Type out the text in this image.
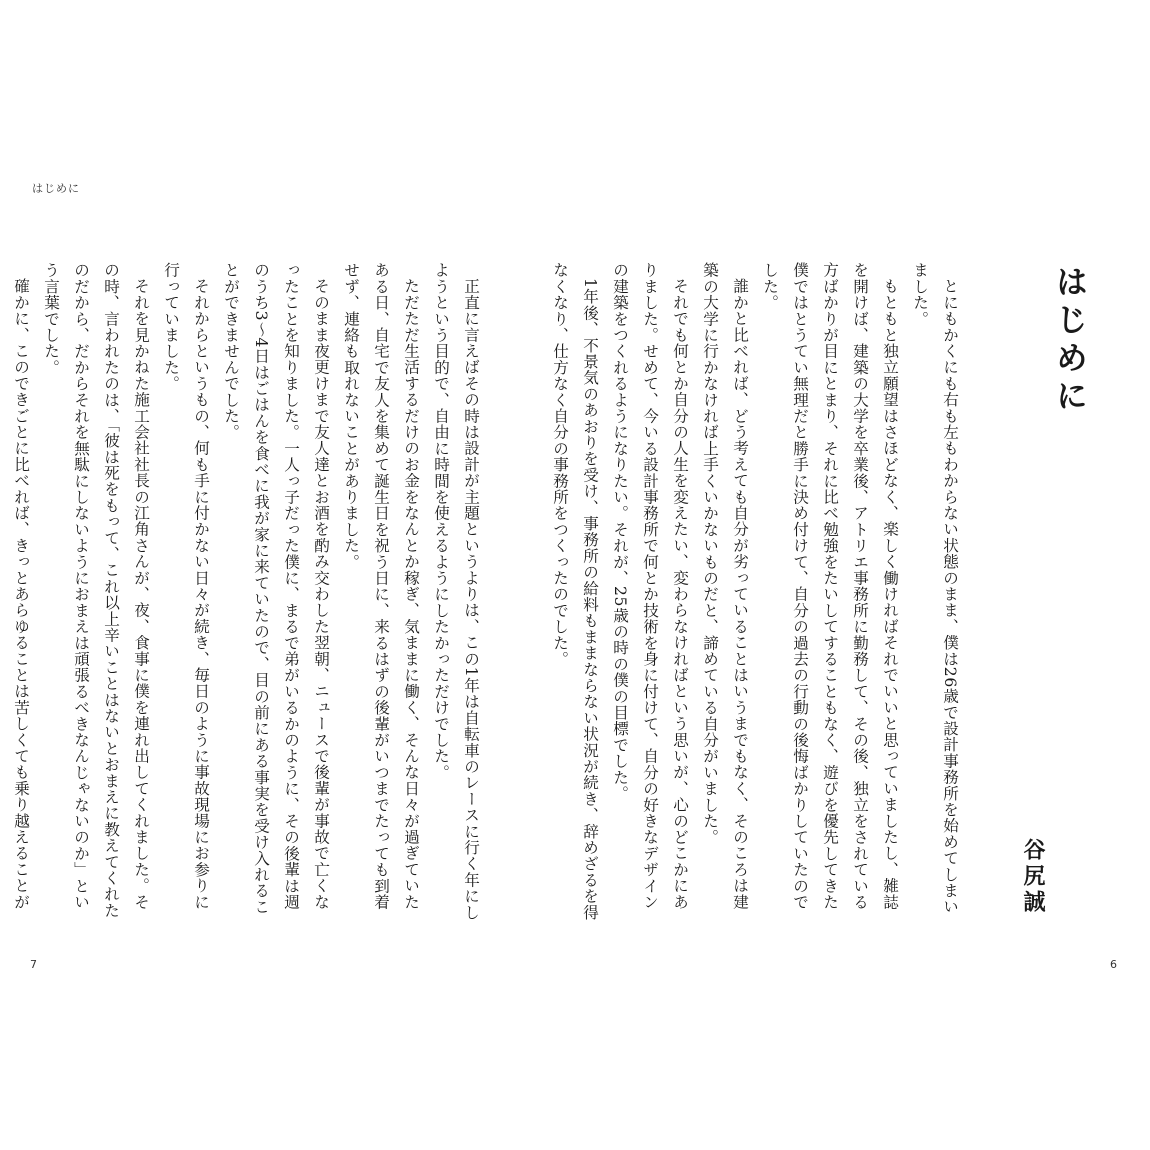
はじめに

正直に言えばその時は設計が主題というよりは、この1年は自転車のレースに行く年にしようという目的で、自由に時間を使えるようにしたかっただけでした。

ただただ生活するだけのお金をなんとか稼ぎ、気ままに働く、そんな日々が過ぎていたある日、自宅で友人を集めて誕生日を祝う日に、来るはずの後輩がいつまでたっても到着せず、連絡も取れないことがありました。

そのまま夜更けまで友人達とお酒を酌み交わした翌朝、ニュースで後輩が事故で亡くなったことを知りました。一人っ子だった僕に、まるで弟がいるかのように、その後輩は週のうち3〜4日はごはんを食べに我が家に来ていたので、目の前にある事実を受け入れることができませんでした。

それからというもの、何も手に付かない日々が続き、毎日のように事故現場にお参りに行っていました。

それを見かねた施工会社社長の江角さんが、夜、食事に僕を連れ出してくれました。その時、言われたのは、「彼は死をもって、これ以上辛いことはないとおまえに教えてくれたのだから、だからそれを無駄にしないようにおまえは頑張るべきなんじゃないのか」という言葉でした。

確かに、このできごとに比べれば、きっとあらゆることは苦しくても乗り越えることが	とにもかくにも右も左もわからない状態のまま、僕は26歳で設計事務所を始めてしまいました。

もともと独立願望はさほどなく、楽しく働ければそれでいいと思っていましたし、雑誌を開けば、建築の大学を卒業後、アトリエ事務所に勤務して、その後、独立をされている方ばかりが目にとまり、それに比べ勉強をたいしてすることもなく、遊びを優先してきた僕ではとうてい無理だと勝手に決め付けて、自分の過去の行動の後悔ばかりしていたのでした。

誰かと比べれば、どう考えても自分が劣っていることはいうまでもなく、そのころは建築の大学に行かなければ上手くいかないものだと、諦めている自分がいました。

それでも何とか自分の人生を変えたい、変わらなければという思いが、心のどこかにありました。せめて、今いる設計事務所で何とか技術を身に付けて、自分の好きなデザインの建築をつくれるようになりたい。それが、25歳の時の僕の目標でした。

1年後、不景気のあおりを受け、事務所の給料もままならない状況が続き、辞めざるを得なくなり、仕方なく自分の事務所をつくったのでした。	はじめに
谷尻誠
7	6
